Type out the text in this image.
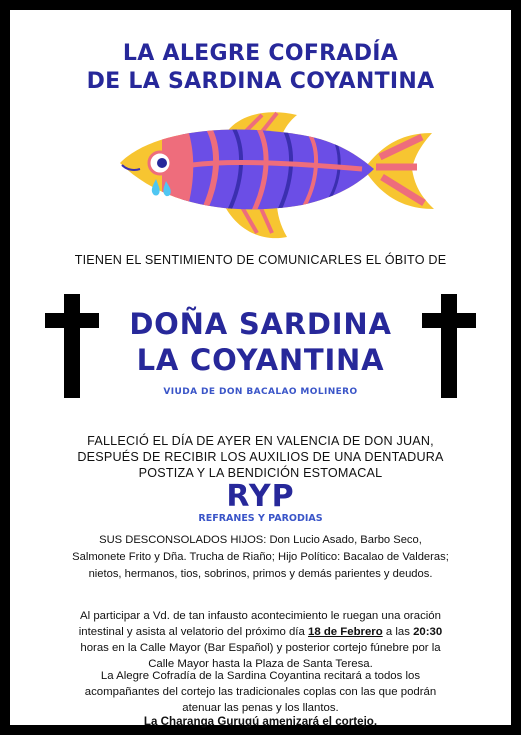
LA ALEGRE COFRADÍA
DE LA SARDINA COYANTINA
TIENEN EL SENTIMIENTO DE COMUNICARLES EL ÓBITO DE
DOÑA SARDINA
LA COYANTINA
VIUDA DE DON BACALAO MOLINERO
FALLECIÓ EL DÍA DE AYER EN VALENCIA DE DON JUAN,
DESPUÉS DE RECIBIR LOS AUXILIOS DE UNA DENTADURA
POSTIZA Y LA BENDICIÓN ESTOMACAL
RYP
REFRANES Y PARODIAS
SUS DESCONSOLADOS HIJOS: Don Lucio Asado, Barbo Seco,
Salmonete Frito y Dña. Trucha de Riaño; Hijo Político: Bacalao de Valderas;
nietos, hermanos, tios, sobrinos, primos y demás parientes y deudos.
Al participar a Vd. de tan infausto acontecimiento le ruegan una oración
intestinal y asista al velatorio del próximo día 18 de Febrero a las 20:30
horas en la Calle Mayor (Bar Español) y posterior cortejo fúnebre por la
Calle Mayor hasta la Plaza de Santa Teresa.
La Alegre Cofradía de la Sardina Coyantina recitará a todos los
acompañantes del cortejo las tradicionales coplas con las que podrán
atenuar las penas y los llantos.
La Charanga Gurugú amenizará el cortejo.
